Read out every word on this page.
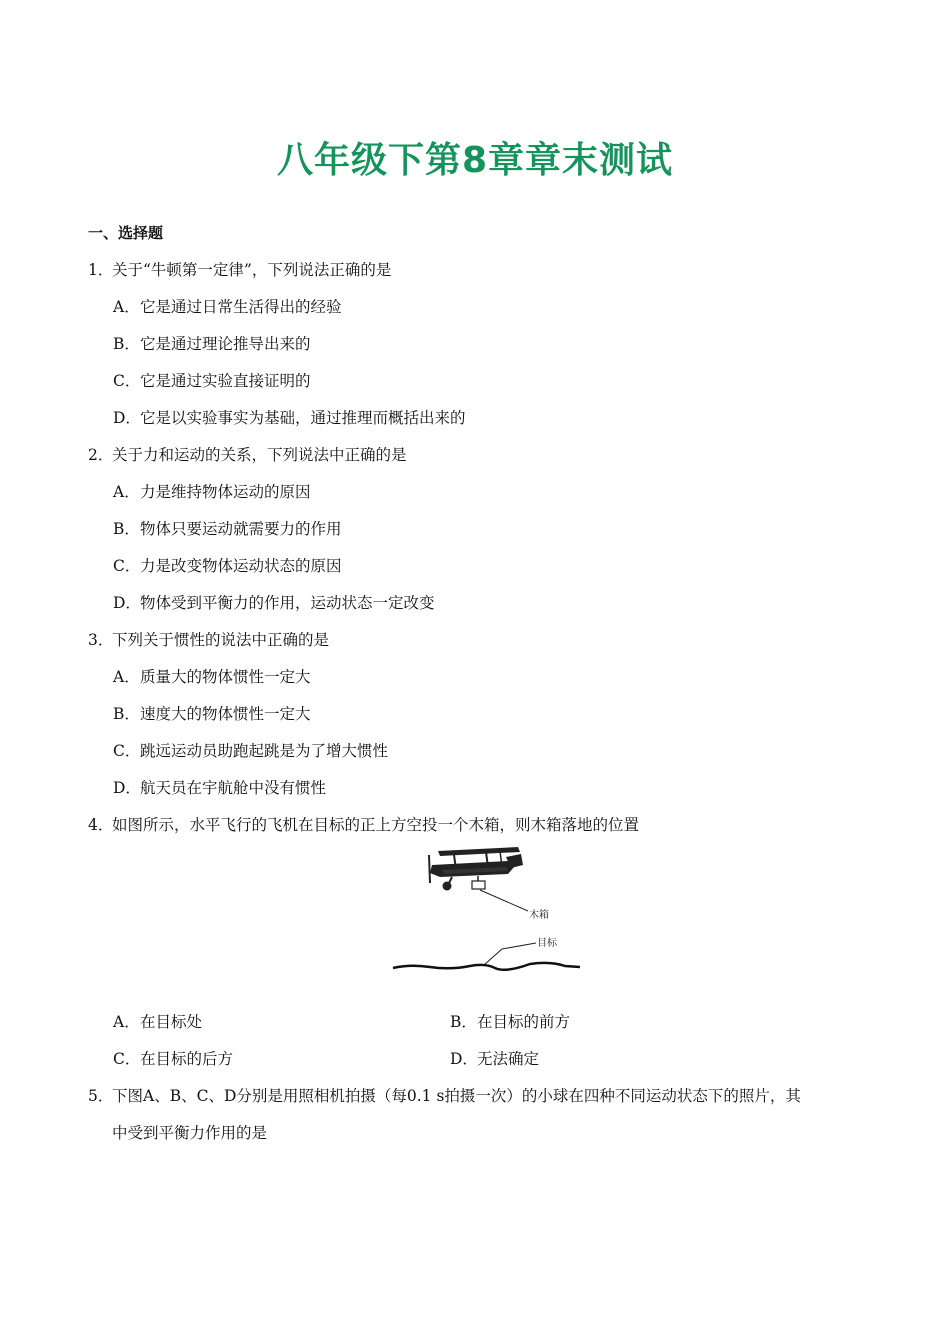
八年级下第8章章末测试
一、选择题
1．关于“牛顿第一定律”，下列说法正确的是
A．它是通过日常生活得出的经验
B．它是通过理论推导出来的
C．它是通过实验直接证明的
D．它是以实验事实为基础，通过推理而概括出来的
2．关于力和运动的关系，下列说法中正确的是
A．力是维持物体运动的原因
B．物体只要运动就需要力的作用
C．力是改变物体运动状态的原因
D．物体受到平衡力的作用，运动状态一定改变
3．下列关于惯性的说法中正确的是
A．质量大的物体惯性一定大
B．速度大的物体惯性一定大
C．跳远运动员助跑起跳是为了增大惯性
D．航天员在宇航舱中没有惯性
4．如图所示，水平飞行的飞机在目标的正上方空投一个木箱，则木箱落地的位置
木箱
目标
A．在目标处	B．在目标的前方
C．在目标的后方	D．无法确定
5．下图A、B、C、D分别是用照相机拍摄（每0.1 s拍摄一次）的小球在四种不同运动状态下的照片，其
中受到平衡力作用的是
